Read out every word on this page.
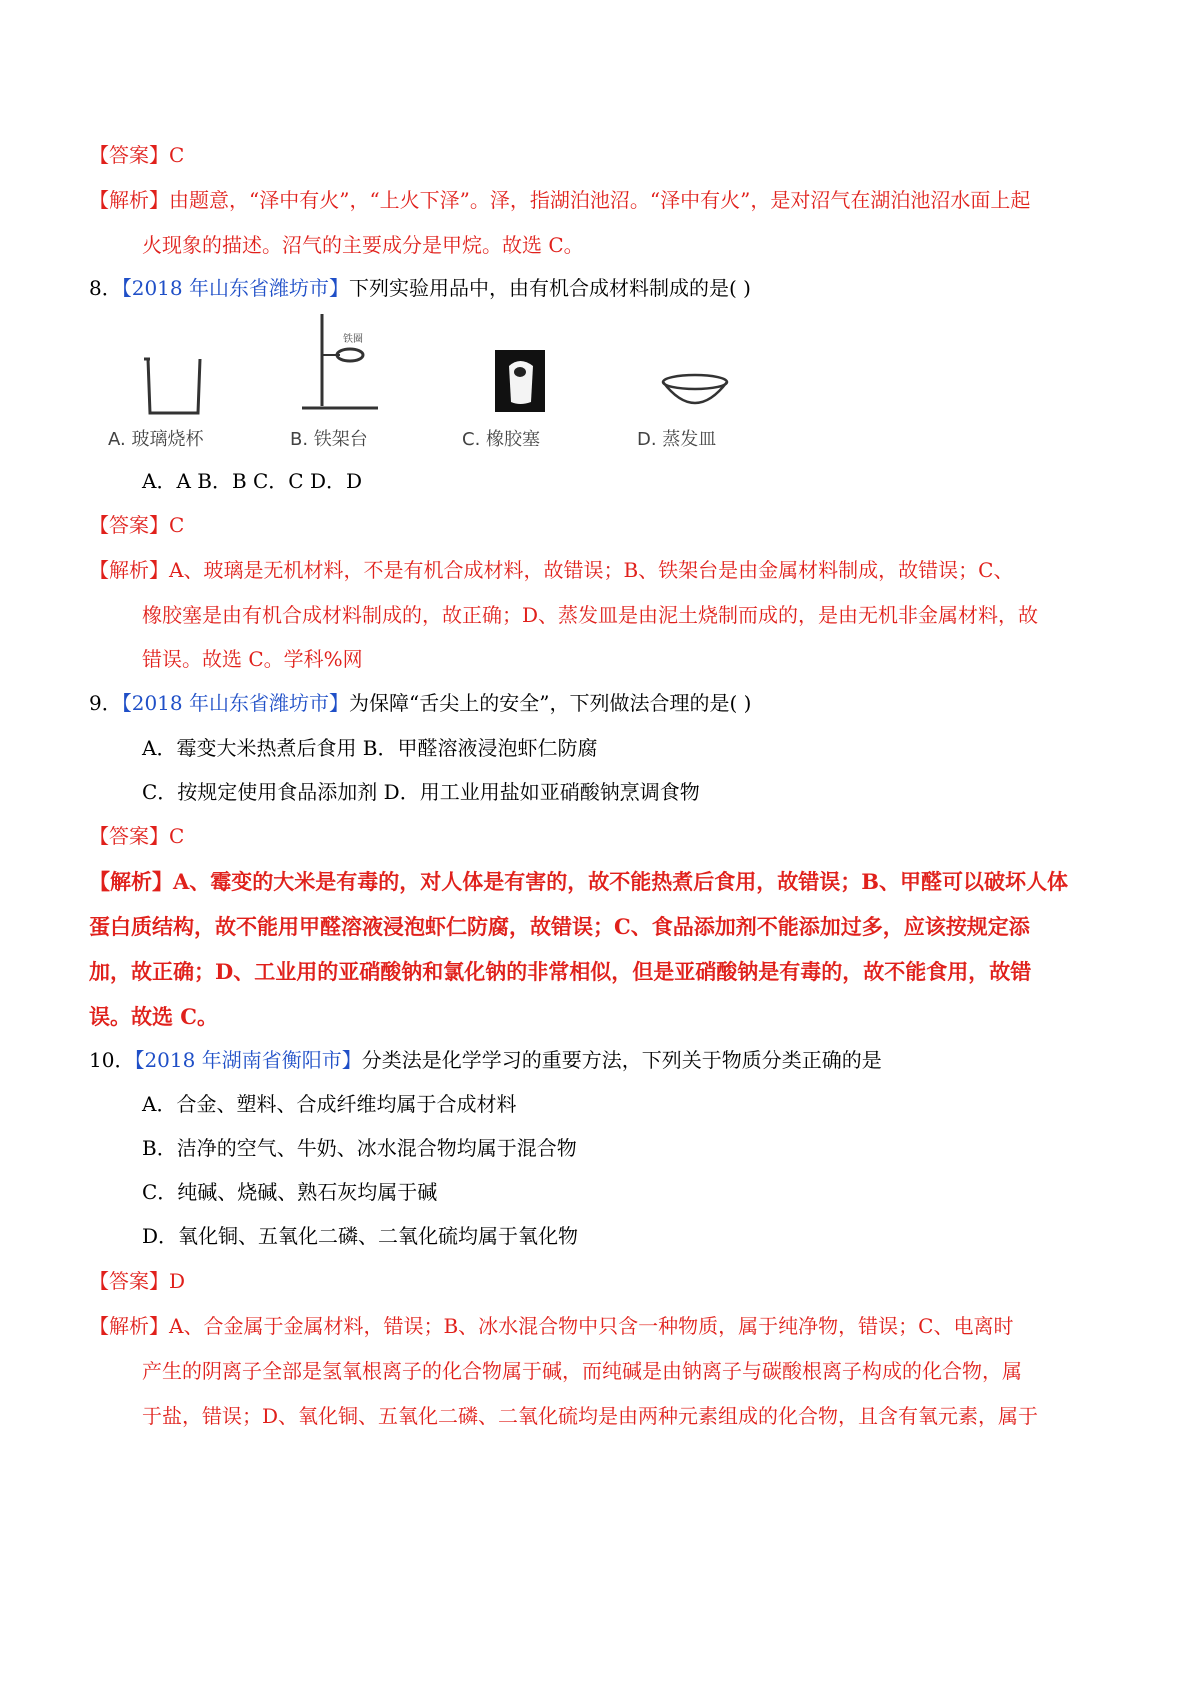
【答案】C
【解析】由题意，“泽中有火”，“上火下泽”。泽，指湖泊池沼。“泽中有火”，是对沼气在湖泊池沼水面上起
火现象的描述。沼气的主要成分是甲烷。故选 C。
8．【2018 年山东省潍坊市】下列实验用品中，由有机合成材料制成的是( )
A. 玻璃烧杯
铁圈
B. 铁架台	C. 橡胶塞	D. 蒸发皿
A．A B．B C．C D．D
【答案】C
【解析】A、玻璃是无机材料，不是有机合成材料，故错误；B、铁架台是由金属材料制成，故错误；C、
橡胶塞是由有机合成材料制成的，故正确；D、蒸发皿是由泥土烧制而成的，是由无机非金属材料，故
错误。故选 C。学科%网
9．【2018 年山东省潍坊市】为保障“舌尖上的安全”，下列做法合理的是( )
A．霉变大米热煮后食用 B．甲醛溶液浸泡虾仁防腐
C．按规定使用食品添加剂 D．用工业用盐如亚硝酸钠烹调食物
【答案】C
【解析】A、霉变的大米是有毒的，对人体是有害的，故不能热煮后食用，故错误；B、甲醛可以破坏人体
蛋白质结构，故不能用甲醛溶液浸泡虾仁防腐，故错误；C、食品添加剂不能添加过多，应该按规定添
加，故正确；D、工业用的亚硝酸钠和氯化钠的非常相似，但是亚硝酸钠是有毒的，故不能食用，故错
误。故选 C。
10．【2018 年湖南省衡阳市】分类法是化学学习的重要方法，下列关于物质分类正确的是
A．合金、塑料、合成纤维均属于合成材料
B．洁净的空气、牛奶、冰水混合物均属于混合物
C．纯碱、烧碱、熟石灰均属于碱
D．氧化铜、五氧化二磷、二氧化硫均属于氧化物
【答案】D
【解析】A、合金属于金属材料，错误；B、冰水混合物中只含一种物质，属于纯净物，错误；C、电离时
产生的阴离子全部是氢氧根离子的化合物属于碱，而纯碱是由钠离子与碳酸根离子构成的化合物，属
于盐，错误；D、氧化铜、五氧化二磷、二氧化硫均是由两种元素组成的化合物，且含有氧元素，属于
